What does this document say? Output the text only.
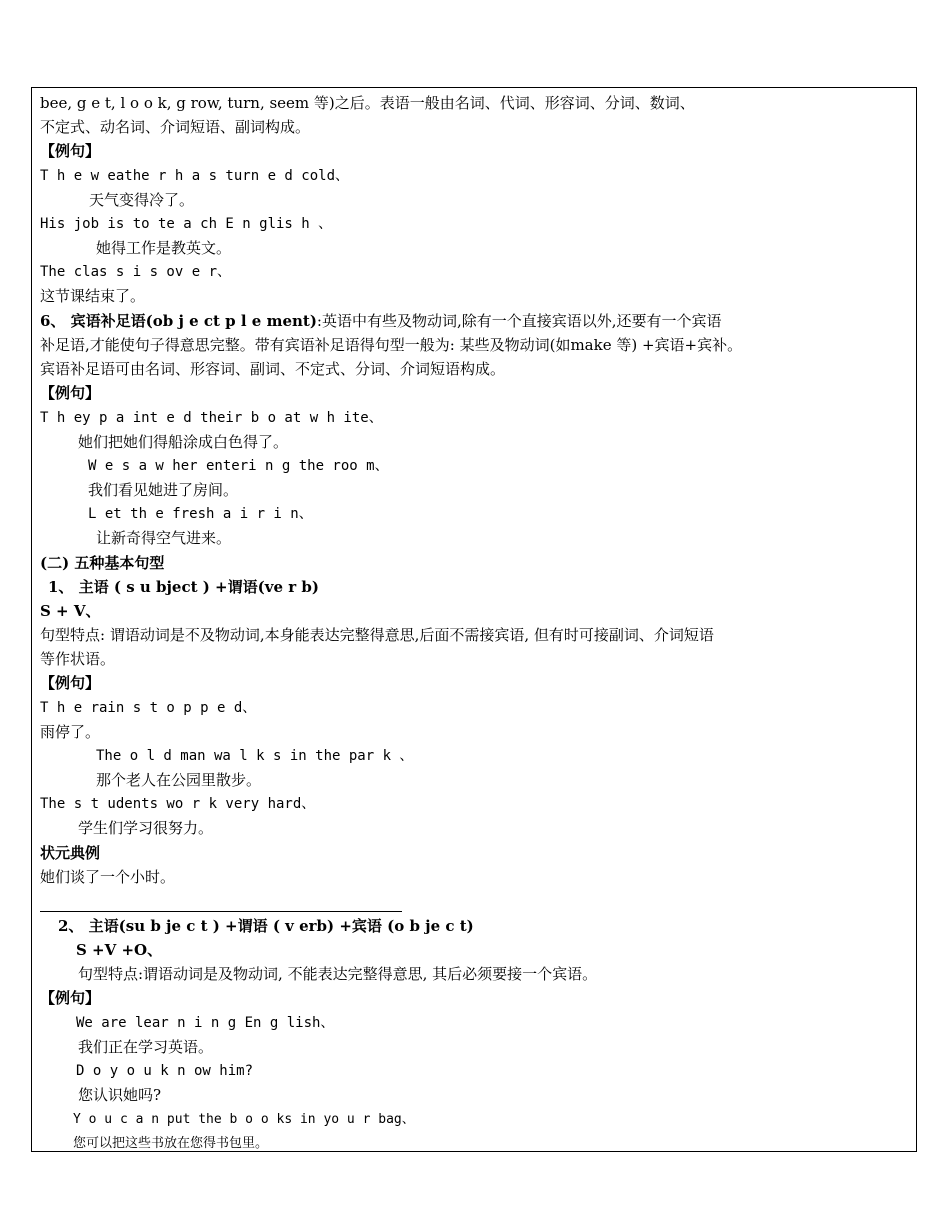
bee, g e t, l o o k, g row, turn, seem 等)之后。表语一般由名词、代词、形容词、分词、数词、
不定式、动名词、介词短语、副词构成。
【例句】
T h e w eathe r h a s turn e d cold、
天气变得冷了。
His job is to te a ch E n glis h 、
她得工作是教英文。
The clas s i s ov e r、
这节课结束了。
6、 宾语补足语(ob j e ct p l e ment):英语中有些及物动词,除有一个直接宾语以外,还要有一个宾语
补足语,才能使句子得意思完整。带有宾语补足语得句型一般为: 某些及物动词(如make 等) +宾语+宾补。
宾语补足语可由名词、形容词、副词、不定式、分词、介词短语构成。
【例句】
T h ey p a int e d their b o at w h ite、
她们把她们得船涂成白色得了。
W e s a w her enteri n g the roo m、
我们看见她进了房间。
L et th e fresh a i r i n、
让新奇得空气进来。
(二) 五种基本句型
1、 主语 ( s u bject ) +谓语(ve r b)
S + V、
句型特点: 谓语动词是不及物动词,本身能表达完整得意思,后面不需接宾语, 但有时可接副词、介词短语
等作状语。
【例句】
T h e rain s t o p p e d、
雨停了。
The o l d man wa l k s in the par k 、
那个老人在公园里散步。
The s t udents wo r k very hard、
学生们学习很努力。
状元典例
她们谈了一个小时。
2、 主语(su b je c t ) +谓语 ( v erb) +宾语 (o b je c t)
S +V +O、
句型特点:谓语动词是及物动词, 不能表达完整得意思, 其后必须要接一个宾语。
【例句】
We are lear n i n g En g lish、
我们正在学习英语。
D o y o u k n ow him?
您认识她吗?
Y o u c a n put the b o o ks in yo u r bag、
您可以把这些书放在您得书包里。
